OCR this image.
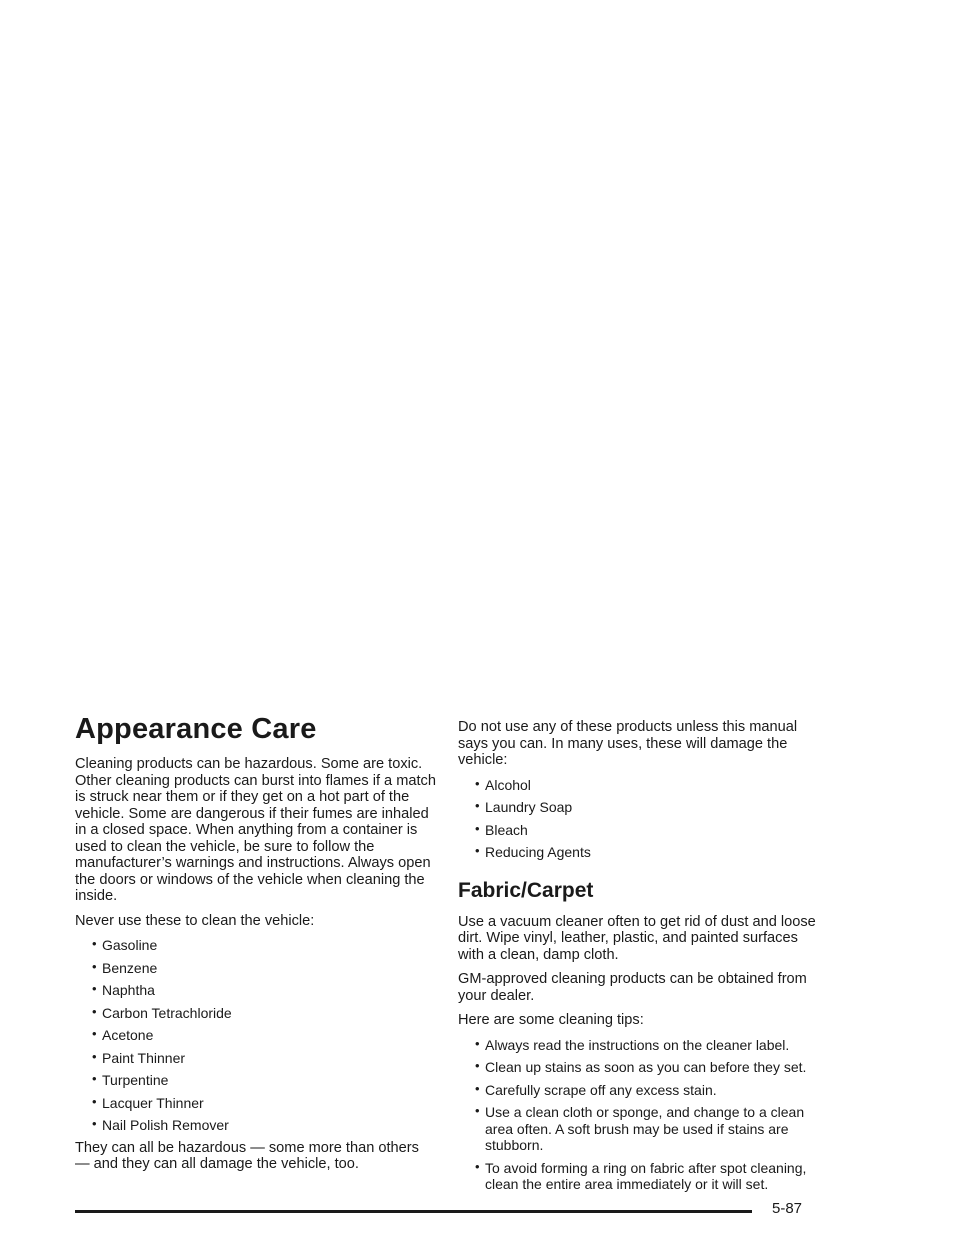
Appearance Care

Cleaning products can be hazardous. Some are toxic. Other cleaning products can burst into flames if a match is struck near them or if they get on a hot part of the vehicle. Some are dangerous if their fumes are inhaled in a closed space. When anything from a container is used to clean the vehicle, be sure to follow the manufacturer’s warnings and instructions. Always open the doors or windows of the vehicle when cleaning the inside.

Never use these to clean the vehicle:

• Gasoline
• Benzene
• Naphtha
• Carbon Tetrachloride
• Acetone
• Paint Thinner
• Turpentine
• Lacquer Thinner
• Nail Polish Remover

They can all be hazardous — some more than others — and they can all damage the vehicle, too.

Do not use any of these products unless this manual says you can. In many uses, these will damage the vehicle:

• Alcohol
• Laundry Soap
• Bleach
• Reducing Agents
Fabric/Carpet

Use a vacuum cleaner often to get rid of dust and loose dirt. Wipe vinyl, leather, plastic, and painted surfaces with a clean, damp cloth.

GM-approved cleaning products can be obtained from your dealer.

Here are some cleaning tips:

• Always read the instructions on the cleaner label.
• Clean up stains as soon as you can before they set.
• Carefully scrape off any excess stain.
• Use a clean cloth or sponge, and change to a clean area often. A soft brush may be used if stains are stubborn.
• To avoid forming a ring on fabric after spot cleaning, clean the entire area immediately or it will set.
5-87
